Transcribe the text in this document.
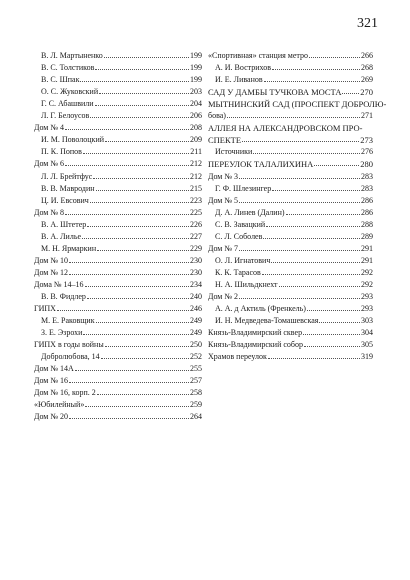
321
В. Л. Мартыненко	199
В. С. Толстиков	199
В. С. Шпак	199
О. С. Жуковский	203
Г. С. Абашвили	204
Л. Г. Белоусов	206
Дом № 4	208
И. М. Поволоцкий	209
П. К. Попов	211
Дом № 6	212
Л. Л. Брейтфус	212
В. В. Мавродин	215
Ц. И. Евсович	223
Дом № 8	225
В. А. Штетер	226
В. А. Лилье	227
М. Н. Ярмаркин	229
Дом № 10	230
Дом № 12	230
Дома № 14–16	234
В. В. Фидлер	240
ГИПХ	246
М. Е. Раковщик	249
З. Е. Эзрохи	249
ГИПХ в годы войны	250
Добролюбова, 14	252
Дом № 14А	255
Дом № 16	257
Дом № 16, корп. 2	258
«Юбилейный»	259
Дом № 20	264
«Спортивная» станция метро	266
А. И. Вострихов	268
И. Е. Ливанов	269
САД У ДАМБЫ ТУЧКОВА МОСТА 270
МЫТНИНСКИЙ САД (ПРОСПЕКТ ДОБРОЛЮ-
бова)	271
АЛЛЕЯ НА АЛЕКСАНДРОВСКОМ ПРО-
СПЕКТЕ	273
Источники	276
ПЕРЕУЛОК ТАЛАЛИХИНА	280
Дом № 3	283
Г. Ф. Шлезингер	283
Дом № 5	286
Д. А. Линев (Далин)	286
С. В. Завацкий	288
С. Л. Соболев	289
Дом № 7	291
О. Л. Игнатович	291
К. К. Тарасов	292
Н. А. Шильдкнехт	292
Дом № 2	293
А. А. д Актиль (Френкель)	293
И. Н. Медведева-Томашевская	303
Князь-Владимирский сквер	304
Князь-Владимирский собор	305
Храмов переулок	319
